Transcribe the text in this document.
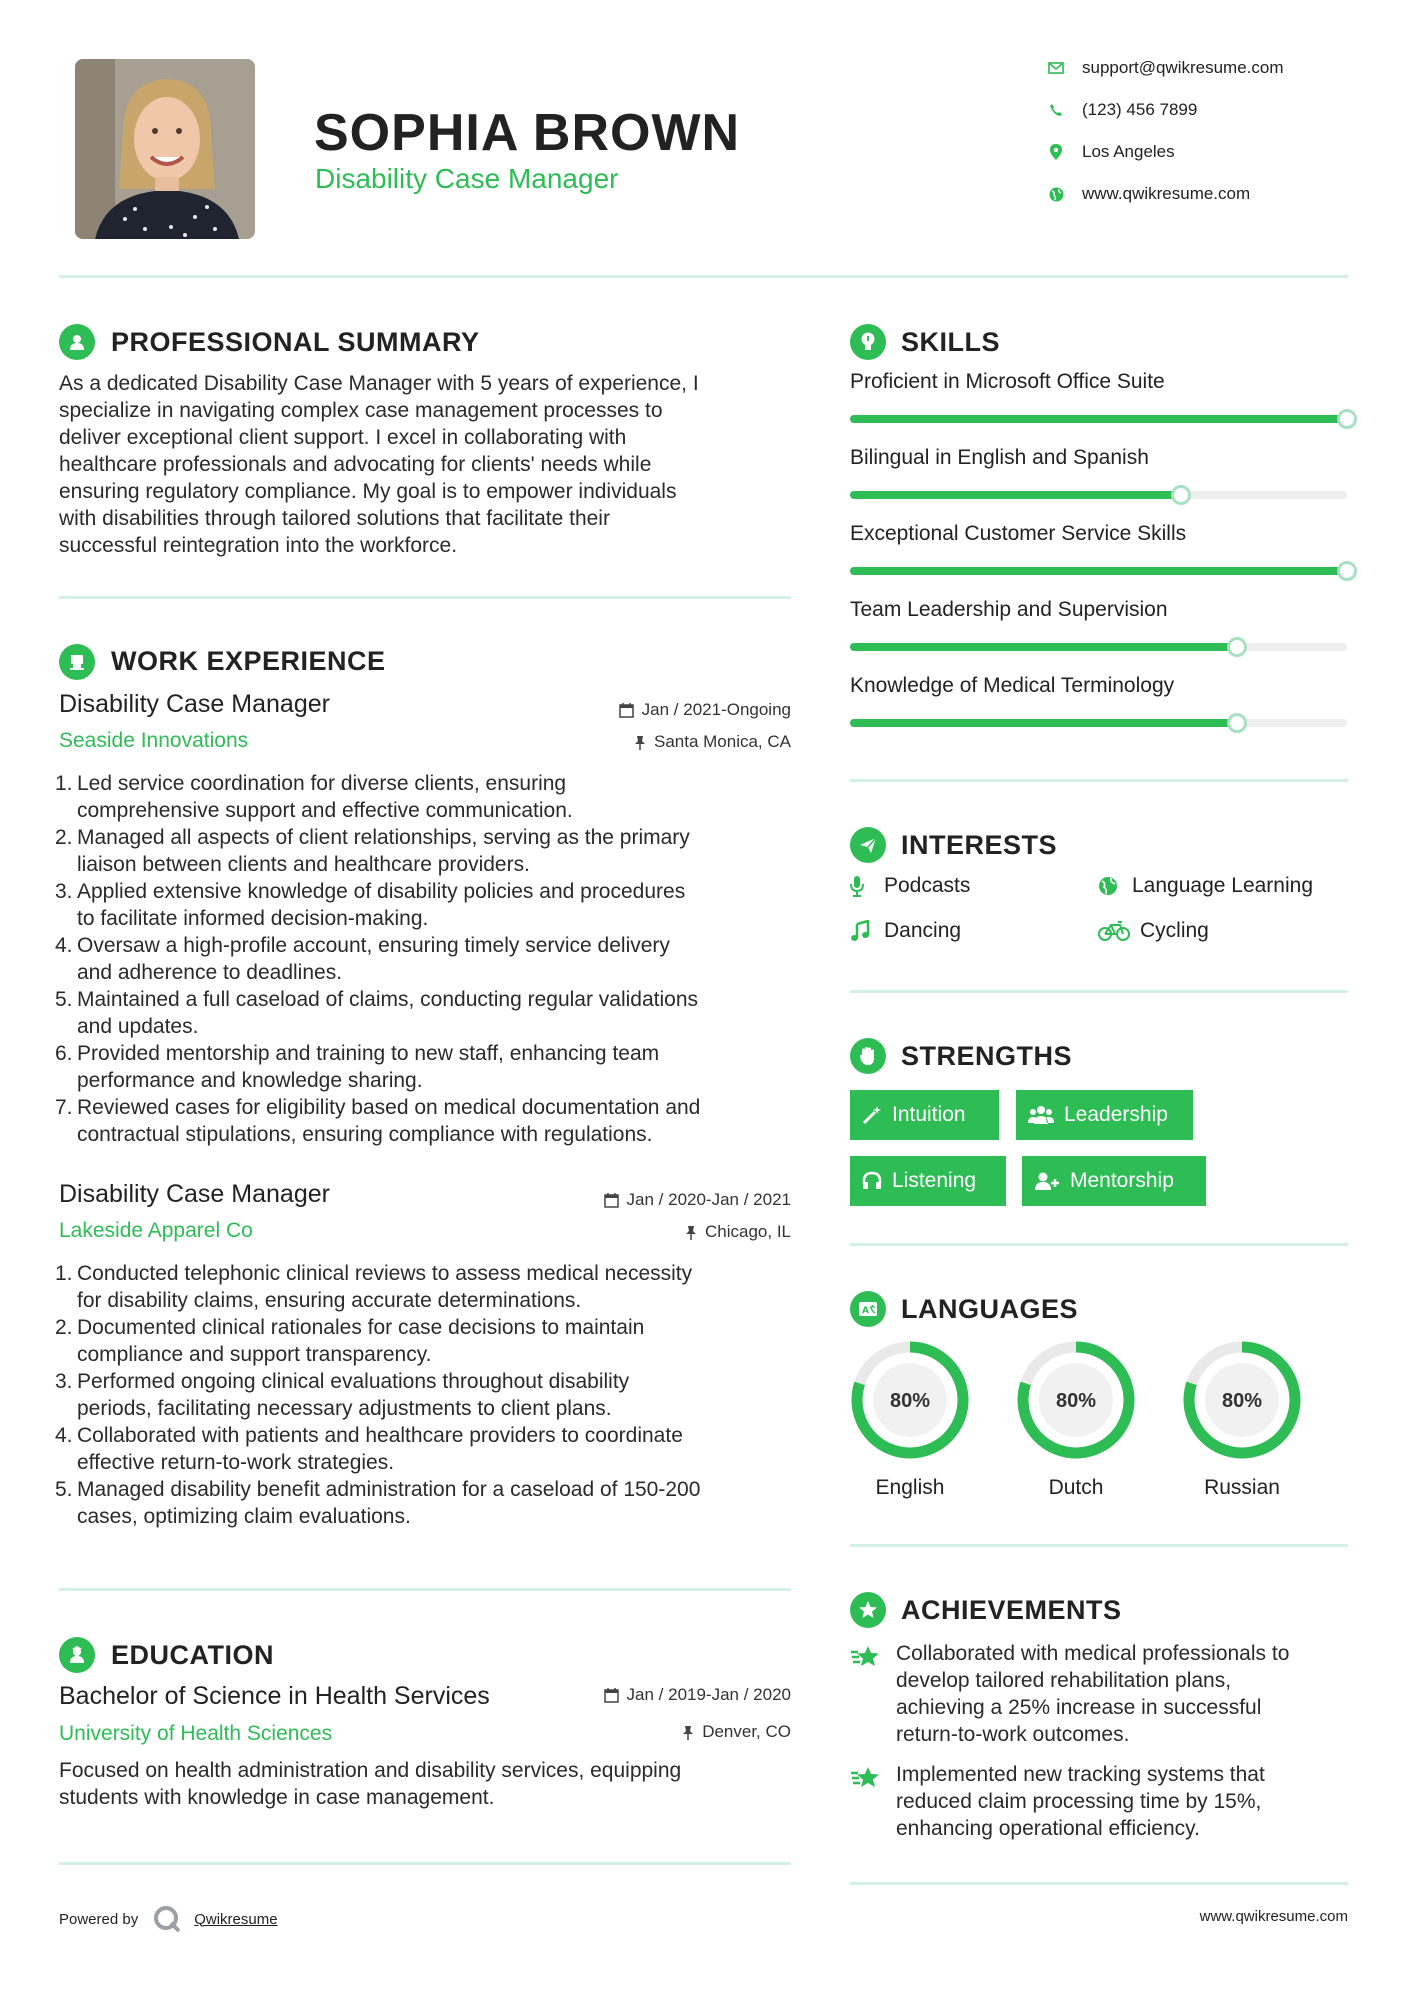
SOPHIA BROWN
Disability Case Manager
support@qwikresume.com
(123) 456 7899
Los Angeles
www.qwikresume.com
PROFESSIONAL SUMMARY
As a dedicated Disability Case Manager with 5 years of experience, I
specialize in navigating complex case management processes to
deliver exceptional client support. I excel in collaborating with
healthcare professionals and advocating for clients' needs while
ensuring regulatory compliance. My goal is to empower individuals
with disabilities through tailored solutions that facilitate their
successful reintegration into the workforce.
WORK EXPERIENCE
Disability Case Manager	Jan / 2021-Ongoing
Seaside Innovations	Santa Monica, CA
1. Led service coordination for diverse clients, ensuring
comprehensive support and effective communication.
2. Managed all aspects of client relationships, serving as the primary
liaison between clients and healthcare providers.
3. Applied extensive knowledge of disability policies and procedures
to facilitate informed decision-making.
4. Oversaw a high-profile account, ensuring timely service delivery
and adherence to deadlines.
5. Maintained a full caseload of claims, conducting regular validations
and updates.
6. Provided mentorship and training to new staff, enhancing team
performance and knowledge sharing.
7. Reviewed cases for eligibility based on medical documentation and
contractual stipulations, ensuring compliance with regulations.
Disability Case Manager	Jan / 2020-Jan / 2021
Lakeside Apparel Co	Chicago, IL
1. Conducted telephonic clinical reviews to assess medical necessity
for disability claims, ensuring accurate determinations.
2. Documented clinical rationales for case decisions to maintain
compliance and support transparency.
3. Performed ongoing clinical evaluations throughout disability
periods, facilitating necessary adjustments to client plans.
4. Collaborated with patients and healthcare providers to coordinate
effective return-to-work strategies.
5. Managed disability benefit administration for a caseload of 150-200
cases, optimizing claim evaluations.
EDUCATION
Bachelor of Science in Health Services	Jan / 2019-Jan / 2020
University of Health Sciences	Denver, CO
Focused on health administration and disability services, equipping
students with knowledge in case management.
SKILLS
Proficient in Microsoft Office Suite
Bilingual in English and Spanish
Exceptional Customer Service Skills
Team Leadership and Supervision
Knowledge of Medical Terminology
INTERESTS
Podcasts	Language Learning
Dancing	Cycling
STRENGTHS
Intuition	Leadership
Listening	Mentorship
A LANGUAGES
80%
English
80%
Dutch
80%
Russian
ACHIEVEMENTS
Collaborated with medical professionals to
develop tailored rehabilitation plans,
achieving a 25% increase in successful
return-to-work outcomes.
Implemented new tracking systems that
reduced claim processing time by 15%,
enhancing operational efficiency.
Powered by	Qwikresume	www.qwikresume.com
